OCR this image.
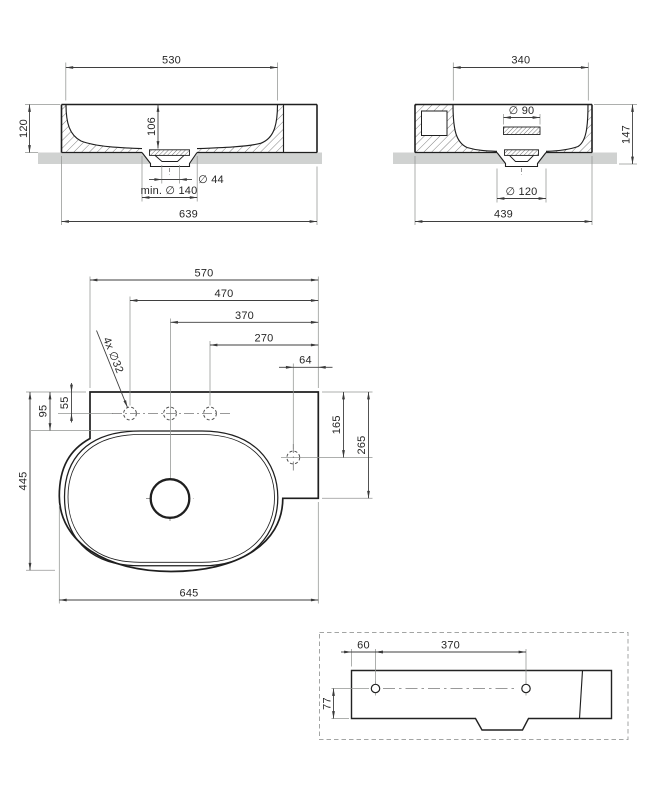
530
120	106
∅ 44
min. ∅ 140
639
340
∅ 90
147
∅ 120
439
570
470
370
270
64
4x ∅32
95
55
165
265
445
645
60	370
77
